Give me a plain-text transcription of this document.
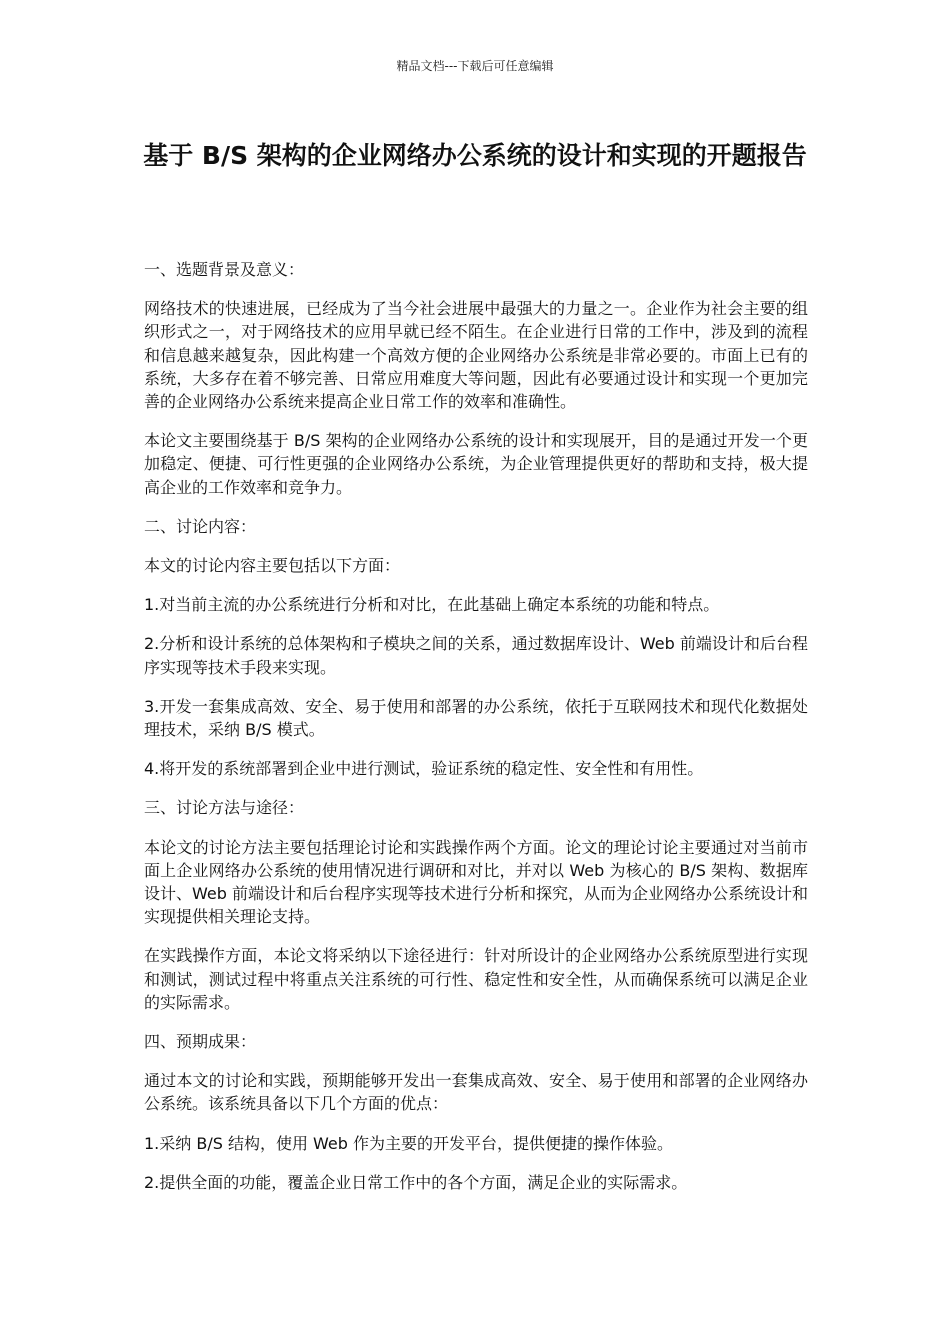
精品文档---下载后可任意编辑
基于 B/S 架构的企业网络办公系统的设计和实现的开题报告

一、选题背景及意义：

网络技术的快速进展，已经成为了当今社会进展中最强大的力量之一。企业作为社会主要的组织形式之一，对于网络技术的应用早就已经不陌生。在企业进行日常的工作中，涉及到的流程和信息越来越复杂，因此构建一个高效方便的企业网络办公系统是非常必要的。市面上已有的系统，大多存在着不够完善、日常应用难度大等问题，因此有必要通过设计和实现一个更加完善的企业网络办公系统来提高企业日常工作的效率和准确性。

本论文主要围绕基于 B/S 架构的企业网络办公系统的设计和实现展开，目的是通过开发一个更加稳定、便捷、可行性更强的企业网络办公系统，为企业管理提供更好的帮助和支持，极大提高企业的工作效率和竞争力。

二、讨论内容：

本文的讨论内容主要包括以下方面：

1.对当前主流的办公系统进行分析和对比，在此基础上确定本系统的功能和特点。

2.分析和设计系统的总体架构和子模块之间的关系，通过数据库设计、Web 前端设计和后台程序实现等技术手段来实现。

3.开发一套集成高效、安全、易于使用和部署的办公系统，依托于互联网技术和现代化数据处理技术，采纳 B/S 模式。

4.将开发的系统部署到企业中进行测试，验证系统的稳定性、安全性和有用性。

三、讨论方法与途径：

本论文的讨论方法主要包括理论讨论和实践操作两个方面。论文的理论讨论主要通过对当前市面上企业网络办公系统的使用情况进行调研和对比，并对以 Web 为核心的 B/S 架构、数据库设计、Web 前端设计和后台程序实现等技术进行分析和探究，从而为企业网络办公系统设计和实现提供相关理论支持。

在实践操作方面，本论文将采纳以下途径进行：针对所设计的企业网络办公系统原型进行实现和测试，测试过程中将重点关注系统的可行性、稳定性和安全性，从而确保系统可以满足企业的实际需求。

四、预期成果：

通过本文的讨论和实践，预期能够开发出一套集成高效、安全、易于使用和部署的企业网络办公系统。该系统具备以下几个方面的优点：

1.采纳 B/S 结构，使用 Web 作为主要的开发平台，提供便捷的操作体验。

2.提供全面的功能，覆盖企业日常工作中的各个方面，满足企业的实际需求。
